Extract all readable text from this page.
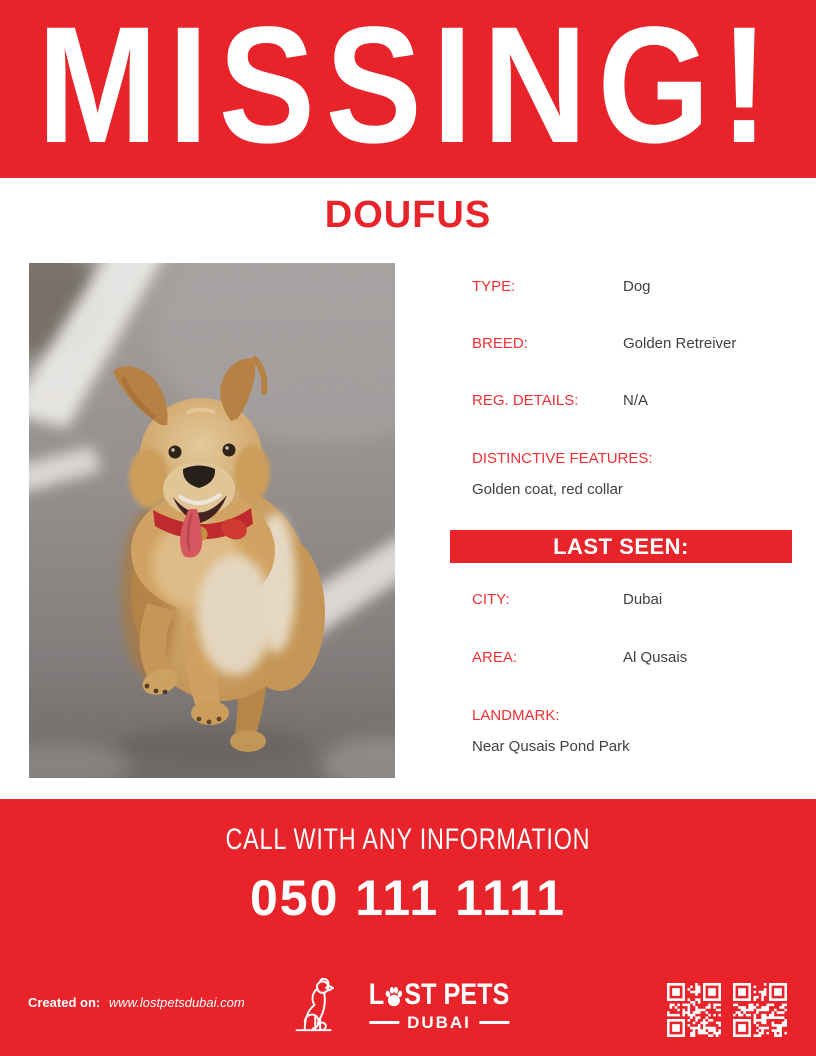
MISSING!
DOUFUS
TYPE:	Dog
BREED:	Golden Retreiver
REG. DETAILS:	N/A
DISTINCTIVE FEATURES:
Golden coat, red collar
LAST SEEN:
CITY:	Dubai
AREA:	Al Qusais
LANDMARK:
Near Qusais Pond Park
CALL WITH ANY INFORMATION
050 111 1111
Created on: www.lostpetsdubai.com	L ST PETS
DUBAI
